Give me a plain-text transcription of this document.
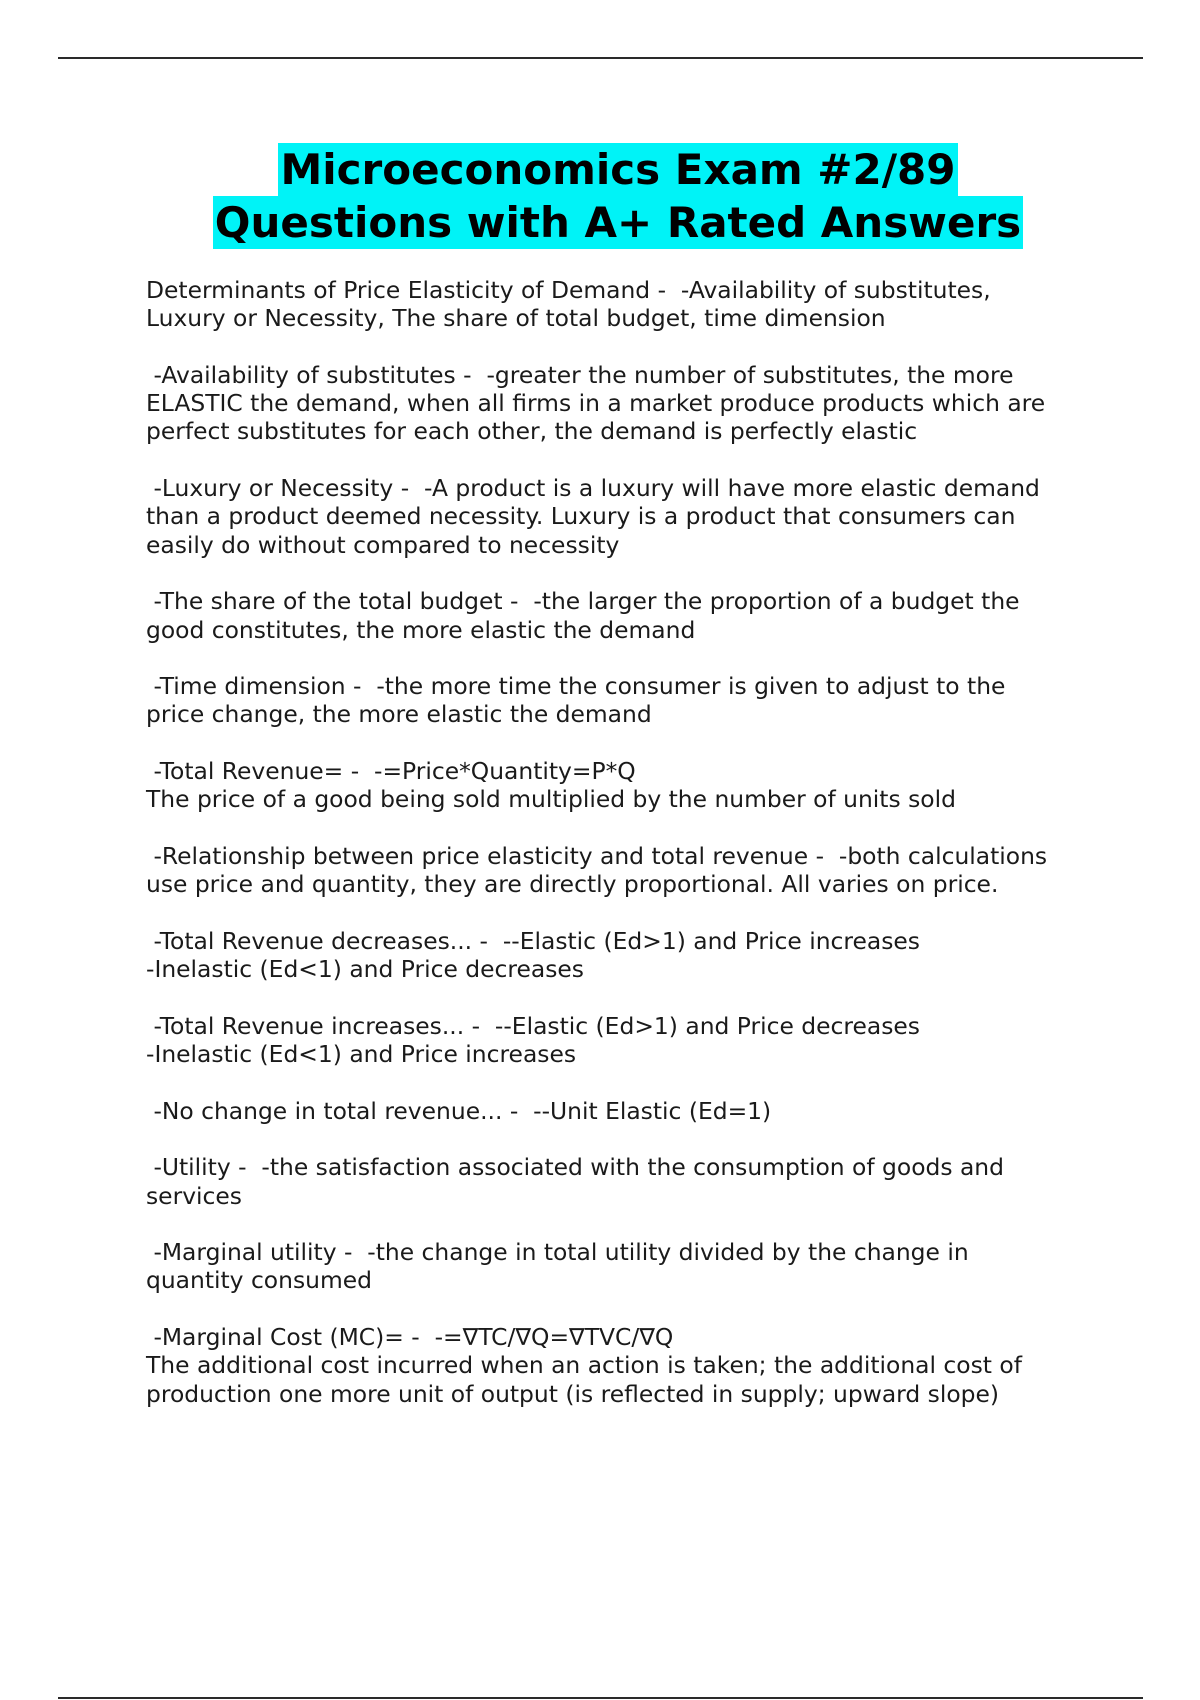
Microeconomics Exam #2/89
Questions with A+ Rated Answers
Determinants of Price Elasticity of Demand -  -Availability of substitutes,
Luxury or Necessity, The share of total budget, time dimension
-Availability of substitutes -  -greater the number of substitutes, the more
ELASTIC the demand, when all firms in a market produce products which are
perfect substitutes for each other, the demand is perfectly elastic
-Luxury or Necessity -  -A product is a luxury will have more elastic demand
than a product deemed necessity. Luxury is a product that consumers can
easily do without compared to necessity
-The share of the total budget -  -the larger the proportion of a budget the
good constitutes, the more elastic the demand
-Time dimension -  -the more time the consumer is given to adjust to the
price change, the more elastic the demand
-Total Revenue= -  -=Price*Quantity=P*Q
The price of a good being sold multiplied by the number of units sold
-Relationship between price elasticity and total revenue -  -both calculations
use price and quantity, they are directly proportional. All varies on price.
-Total Revenue decreases... -  --Elastic (Ed>1) and Price increases
-Inelastic (Ed<1) and Price decreases
-Total Revenue increases... -  --Elastic (Ed>1) and Price decreases
-Inelastic (Ed<1) and Price increases
-No change in total revenue... -  --Unit Elastic (Ed=1)
-Utility -  -the satisfaction associated with the consumption of goods and
services
-Marginal utility -  -the change in total utility divided by the change in
quantity consumed
-Marginal Cost (MC)= -  -=∇TC/∇Q=∇TVC/∇Q
The additional cost incurred when an action is taken; the additional cost of
production one more unit of output (is reflected in supply; upward slope)
